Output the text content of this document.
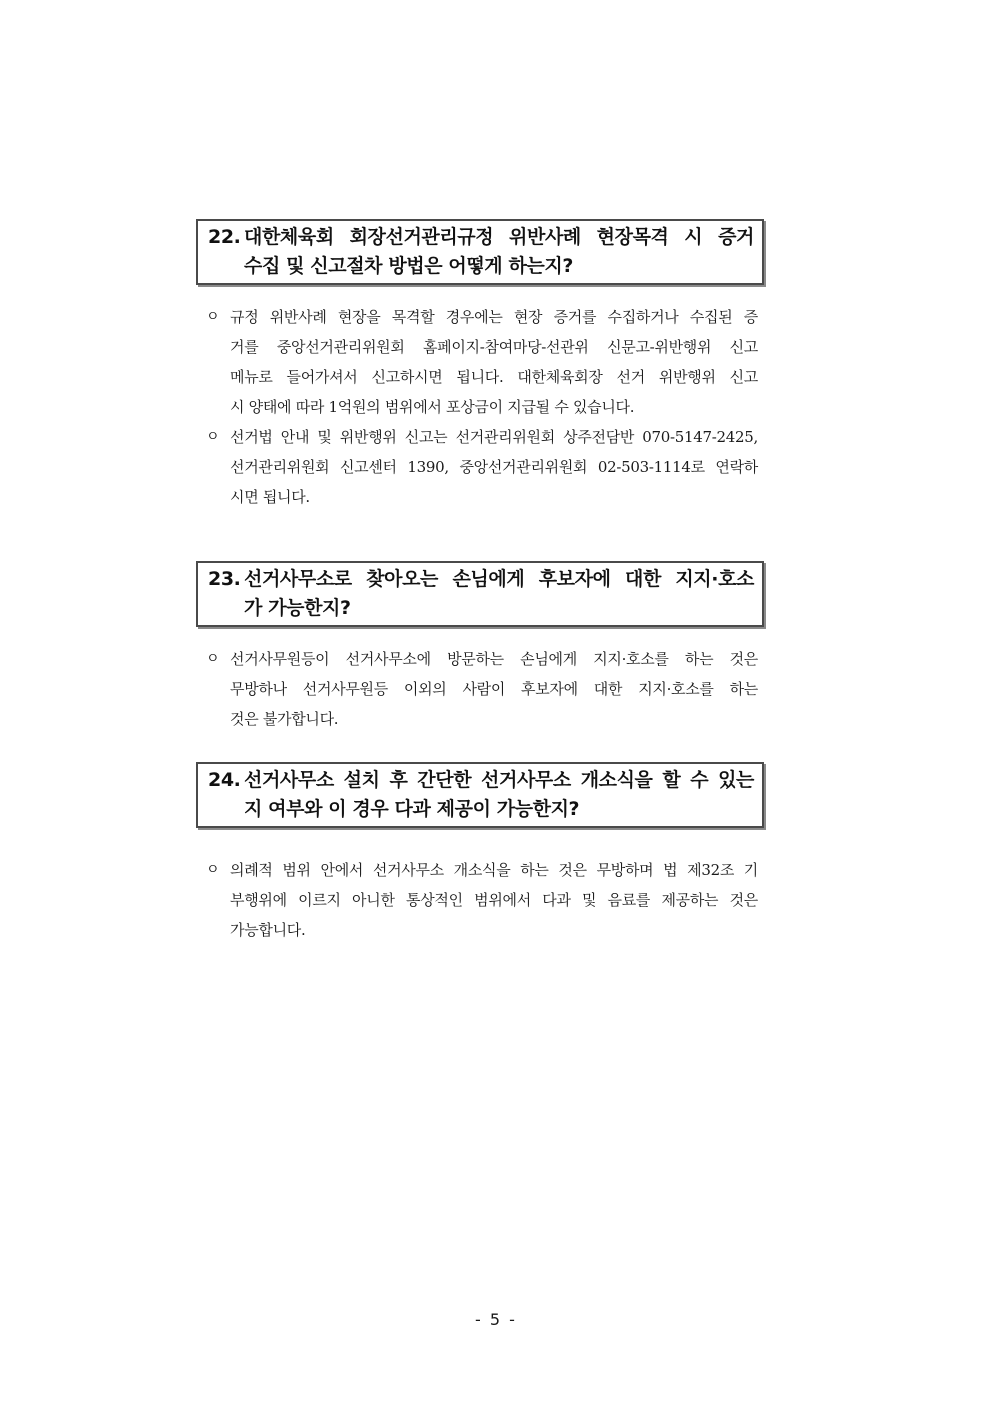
22. 대한체육회 회장선거관리규정 위반사례 현장목격 시 증거
수집 및 신고절차 방법은 어떻게 하는지?
ㅇ 규정 위반사례 현장을 목격할 경우에는 현장 증거를 수집하거나 수집된 증
거를 중앙선거관리위원회 홈페이지-참여마당-선관위 신문고-위반행위 신고
메뉴로 들어가셔서 신고하시면 됩니다. 대한체육회장 선거 위반행위 신고
시 양태에 따라 1억원의 범위에서 포상금이 지급될 수 있습니다.
ㅇ 선거법 안내 및 위반행위 신고는 선거관리위원회 상주전담반 070-5147-2425,
선거관리위원회 신고센터 1390, 중앙선거관리위원회 02-503-1114로 연락하
시면 됩니다.
23. 선거사무소로 찾아오는 손님에게 후보자에 대한 지지·호소
가 가능한지?
ㅇ 선거사무원등이 선거사무소에 방문하는 손님에게 지지·호소를 하는 것은
무방하나 선거사무원등 이외의 사람이 후보자에 대한 지지·호소를 하는
것은 불가합니다.
24. 선거사무소 설치 후 간단한 선거사무소 개소식을 할 수 있는
지 여부와 이 경우 다과 제공이 가능한지?
ㅇ 의례적 범위 안에서 선거사무소 개소식을 하는 것은 무방하며 법 제32조 기
부행위에 이르지 아니한 통상적인 범위에서 다과 및 음료를 제공하는 것은
가능합니다.
- 5 -
